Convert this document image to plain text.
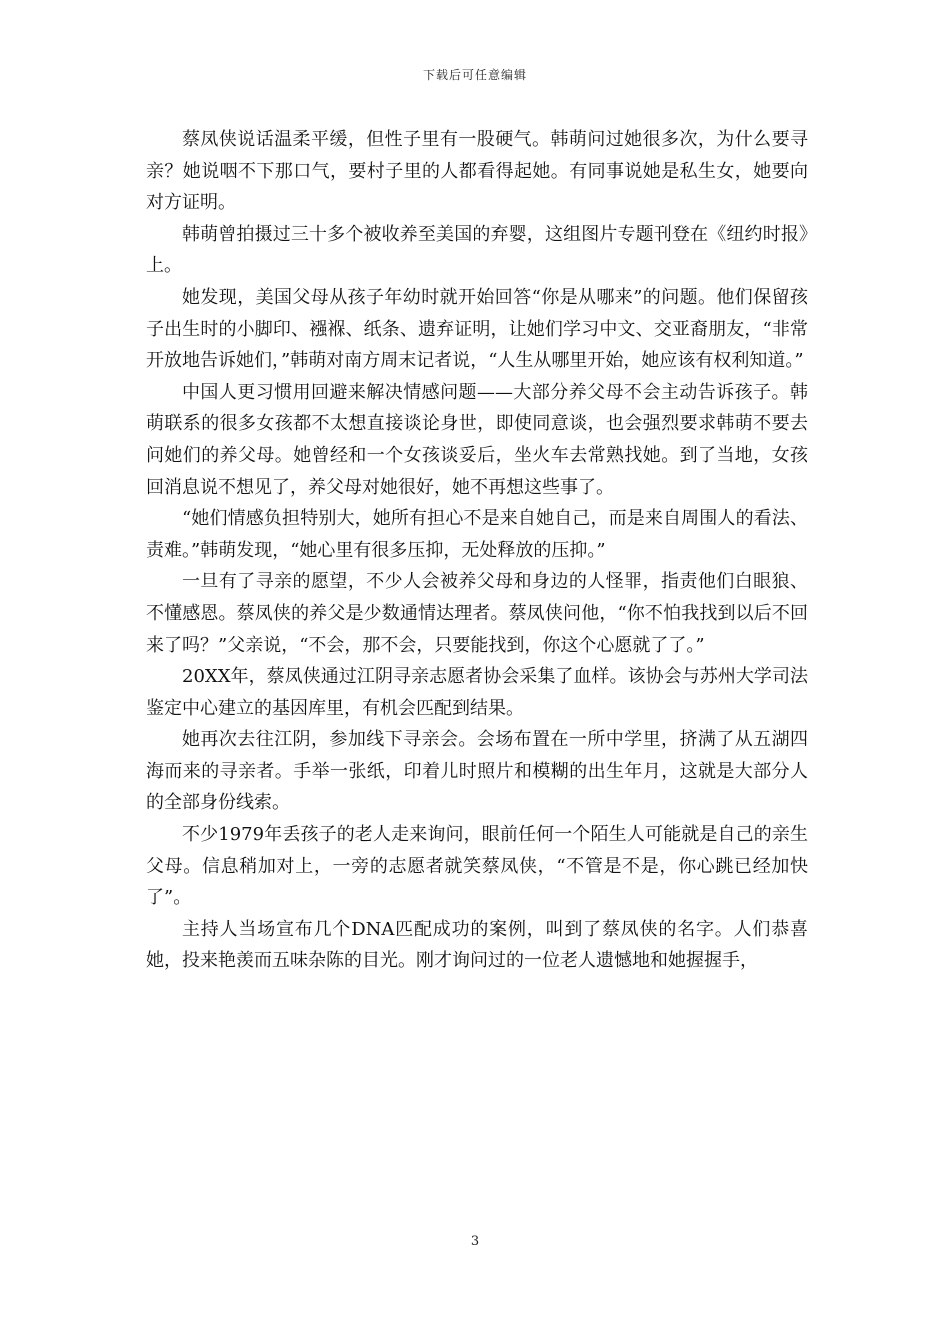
下载后可任意编辑

蔡凤侠说话温柔平缓，但性子里有一股硬气。韩萌问过她很多次，为什么要寻亲？她说咽不下那口气，要村子里的人都看得起她。有同事说她是私生女，她要向对方证明。

韩萌曾拍摄过三十多个被收养至美国的弃婴，这组图片专题刊登在《纽约时报》上。

她发现，美国父母从孩子年幼时就开始回答“你是从哪来”的问题。他们保留孩子出生时的小脚印、襁褓、纸条、遗弃证明，让她们学习中文、交亚裔朋友，“非常开放地告诉她们，”韩萌对南方周末记者说，“人生从哪里开始，她应该有权利知道。”

中国人更习惯用回避来解决情感问题——大部分养父母不会主动告诉孩子。韩萌联系的很多女孩都不太想直接谈论身世，即使同意谈，也会强烈要求韩萌不要去问她们的养父母。她曾经和一个女孩谈妥后，坐火车去常熟找她。到了当地，女孩回消息说不想见了，养父母对她很好，她不再想这些事了。

“她们情感负担特别大，她所有担心不是来自她自己，而是来自周围人的看法、责难。”韩萌发现，“她心里有很多压抑，无处释放的压抑。”

一旦有了寻亲的愿望，不少人会被养父母和身边的人怪罪，指责他们白眼狼、不懂感恩。蔡凤侠的养父是少数通情达理者。蔡凤侠问他，“你不怕我找到以后不回来了吗？”父亲说，“不会，那不会，只要能找到，你这个心愿就了了。”

20XX年，蔡凤侠通过江阴寻亲志愿者协会采集了血样。该协会与苏州大学司法鉴定中心建立的基因库里，有机会匹配到结果。

她再次去往江阴，参加线下寻亲会。会场布置在一所中学里，挤满了从五湖四海而来的寻亲者。手举一张纸，印着儿时照片和模糊的出生年月，这就是大部分人的全部身份线索。

不少1979年丢孩子的老人走来询问，眼前任何一个陌生人可能就是自己的亲生父母。信息稍加对上，一旁的志愿者就笑蔡凤侠，“不管是不是，你心跳已经加快了”。

主持人当场宣布几个DNA匹配成功的案例，叫到了蔡凤侠的名字。人们恭喜她，投来艳羡而五味杂陈的目光。刚才询问过的一位老人遗憾地和她握握手，

3
